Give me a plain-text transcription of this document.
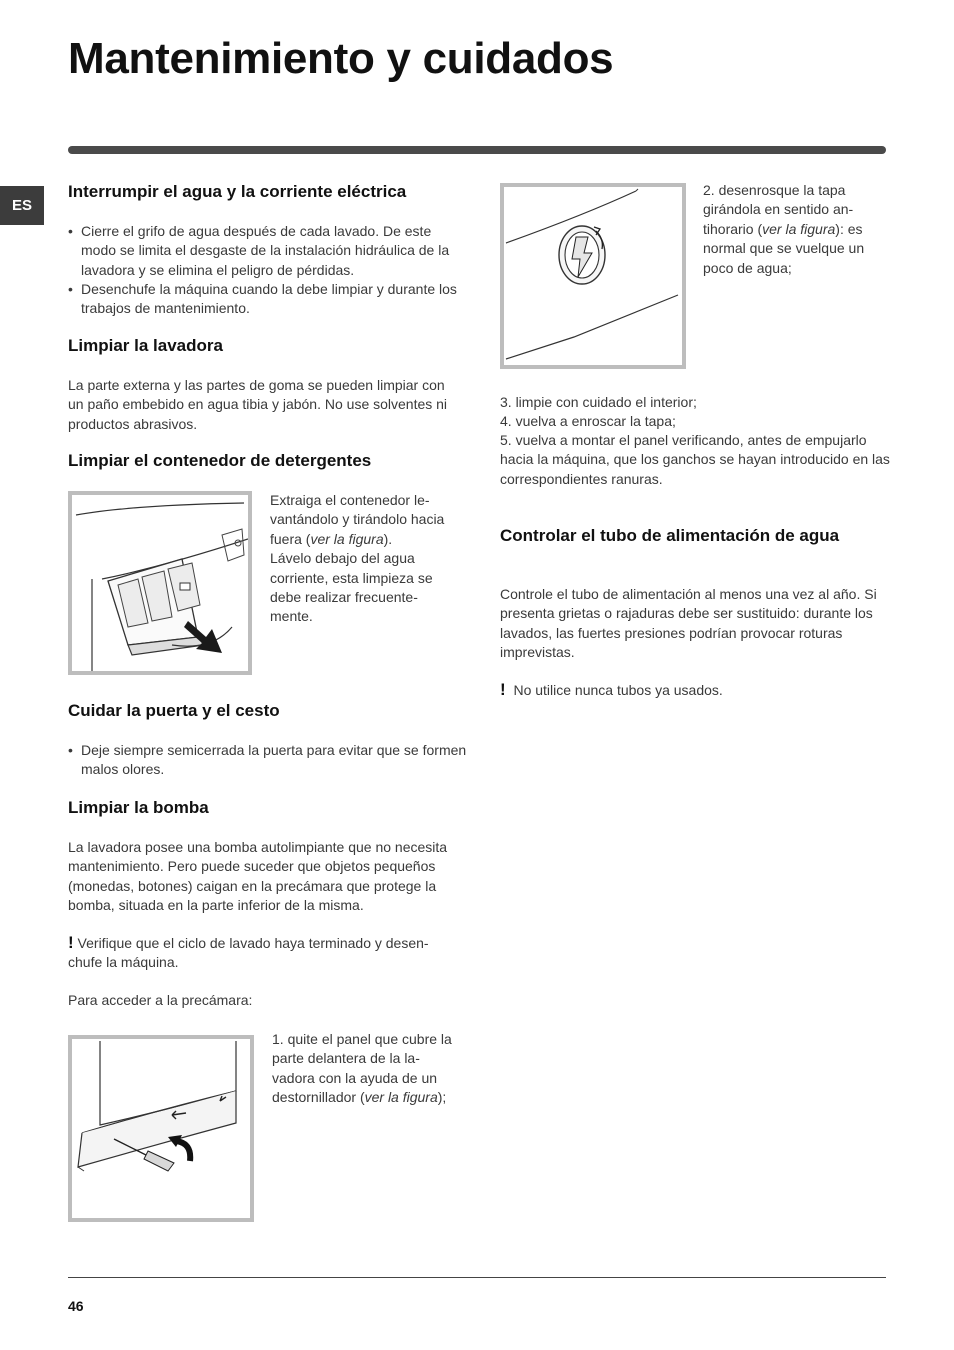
Mantenimiento y cuidados
ES
Interrumpir el agua y la corriente eléctrica

• Cierre el grifo de agua después de cada lavado. De este modo se limita el desgaste de la instalación hidráulica de la lavadora y se elimina el peligro de pérdidas.

• Desenchufe la máquina cuando la debe limpiar y durante los trabajos de mantenimiento.

Limpiar la lavadora

La parte externa y las partes de goma se pueden limpiar con un paño embebido en agua tibia y jabón. No use solventes ni productos abrasivos.

Limpiar el contenedor de detergentes

Extraiga el contenedor le-vantándolo y tirándolo hacia fuera (ver la figura).
Lávelo debajo del agua corriente, esta limpieza se debe realizar frecuente-mente.

Cuidar la puerta y el cesto

• Deje siempre semicerrada la puerta para evitar que se formen malos olores.

Limpiar la bomba

La lavadora posee una bomba autolimpiante que no necesita mantenimiento. Pero puede suceder que objetos pequeños (monedas, botones) caigan en la precámara que protege la bomba, situada en la parte inferior de la misma.

! Verifique que el ciclo de lavado haya terminado y desen-chufe la máquina.

Para acceder a la precámara:

1. quite el panel que cubre la parte delantera de la la-vadora con la ayuda de un destornillador (ver la figura);

2. desenrosque la tapa girándola en sentido an-tihorario (ver la figura): es normal que se vuelque un poco de agua;

3. limpie con cuidado el interior;

4. vuelva a enroscar la tapa;

5. vuelva a montar el panel verificando, antes de empujarlo hacia la máquina, que los ganchos se hayan introducido en las correspondientes ranuras.

Controlar el tubo de alimentación de agua

Controle el tubo de alimentación al menos una vez al año. Si presenta grietas o rajaduras debe ser sustituido: durante los lavados, las fuertes presiones podrían provocar roturas imprevistas.

! No utilice nunca tubos ya usados.

46
